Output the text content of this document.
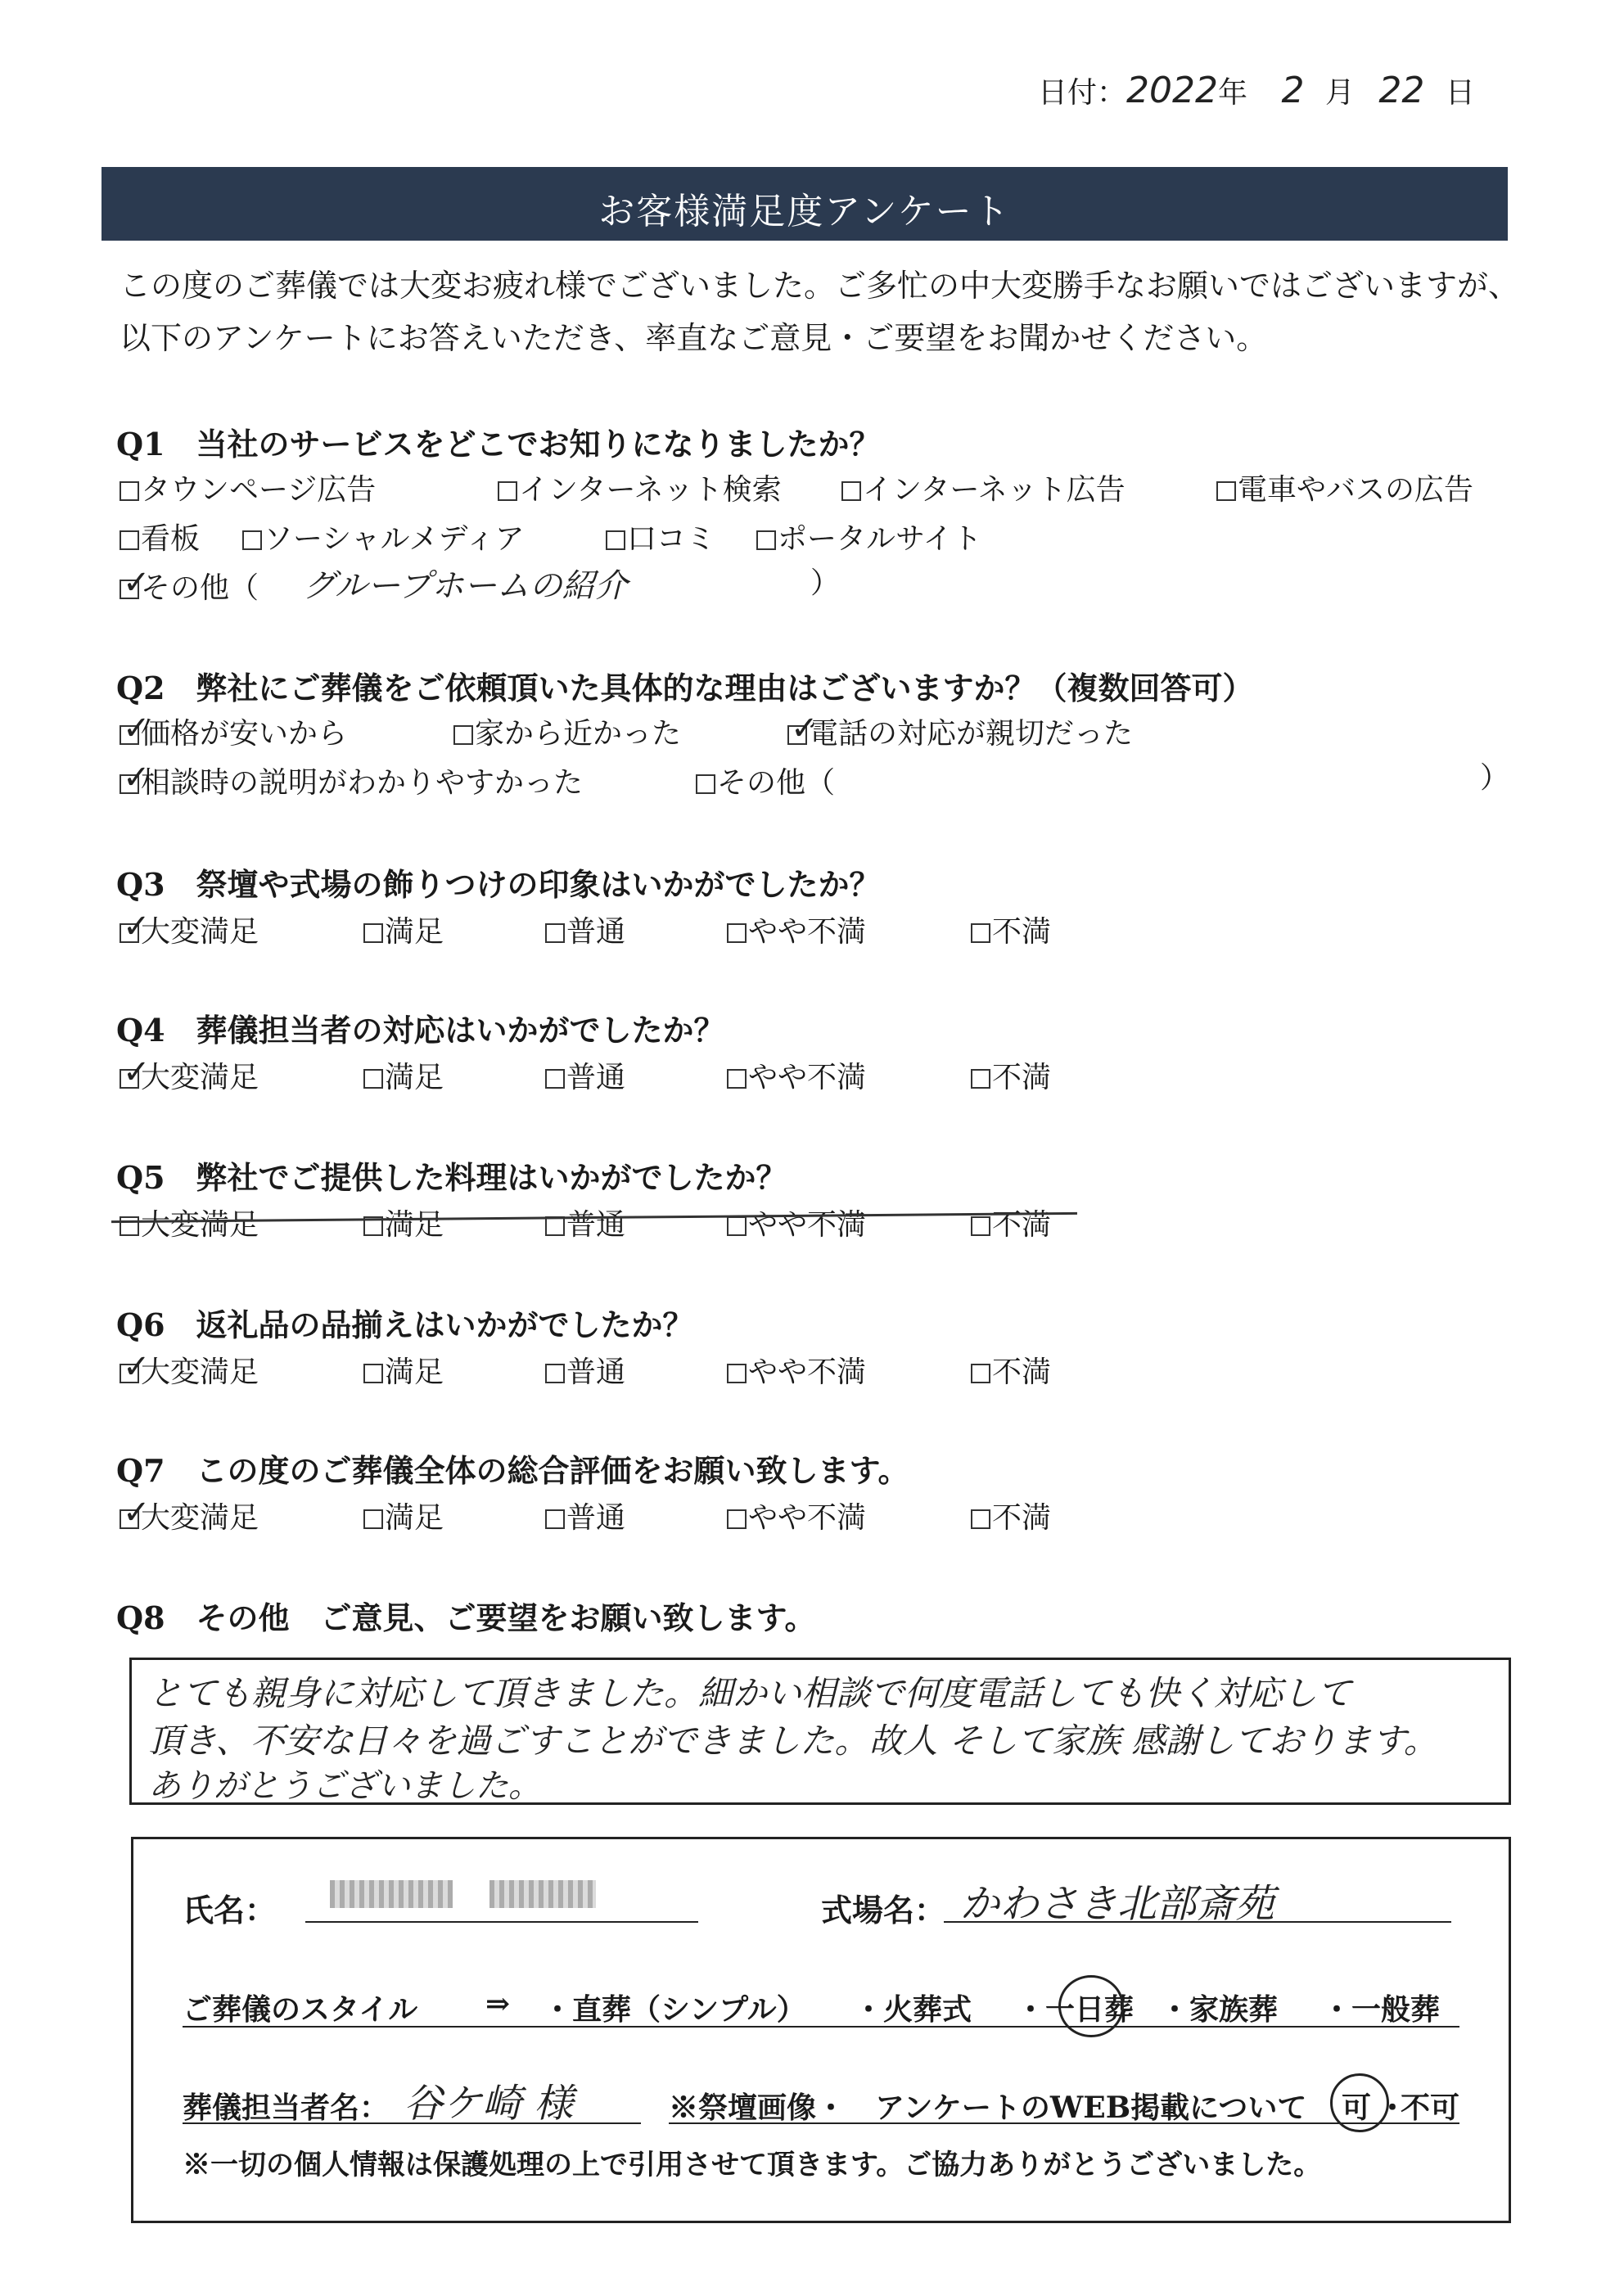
日付：2022年 2 月 22 日
お客様満足度アンケート
この度のご葬儀では大変お疲れ様でございました。ご多忙の中大変勝手なお願いではございますが、
以下のアンケートにお答えいただき、率直なご意見・ご要望をお聞かせください。
Q1　当社のサービスをどこでお知りになりましたか？
タウンページ広告	インターネット検索	インターネット広告	電車やバスの広告
看板	ソーシャルメディア	口コミ	ポータルサイト
✓
その他（ グループホームの紹介	）
Q2　弊社にご葬儀をご依頼頂いた具体的な理由はございますか？（複数回答可）
✓
価格が安いから	家から近かった	✓
電話の対応が親切だった
✓
相談時の説明がわかりやすかった	その他（	）
Q3　祭壇や式場の飾りつけの印象はいかがでしたか？
✓
大変満足	満足	普通	やや不満	不満
Q4　葬儀担当者の対応はいかがでしたか？
✓
大変満足	満足	普通	やや不満	不満
Q5　弊社でご提供した料理はいかがでしたか？
大変満足	満足	普通	やや不満	不満
Q6　返礼品の品揃えはいかがでしたか？
✓
大変満足	満足	普通	やや不満	不満
Q7　この度のご葬儀全体の総合評価をお願い致します。
✓
大変満足	満足	普通	やや不満	不満
Q8　その他　ご意見、ご要望をお願い致します。
とても親身に対応して頂きました。細かい相談で何度電話しても快く対応して
頂き、不安な日々を過ごすことができました。故人 そして家族 感謝しております。
ありがとうございました。
氏名：
	式場名： かわさき北部斎苑
ご葬儀のスタイル ⇒ ・直葬（シンプル） ・火葬式 ・一日葬 ・家族葬 ・一般葬
葬儀担当者名： 谷ケ崎 様	※祭壇画像・　アンケートのWEB掲載について 可 ・
不可
※一切の個人情報は保護処理の上で引用させて頂きます。ご協力ありがとうございました。
